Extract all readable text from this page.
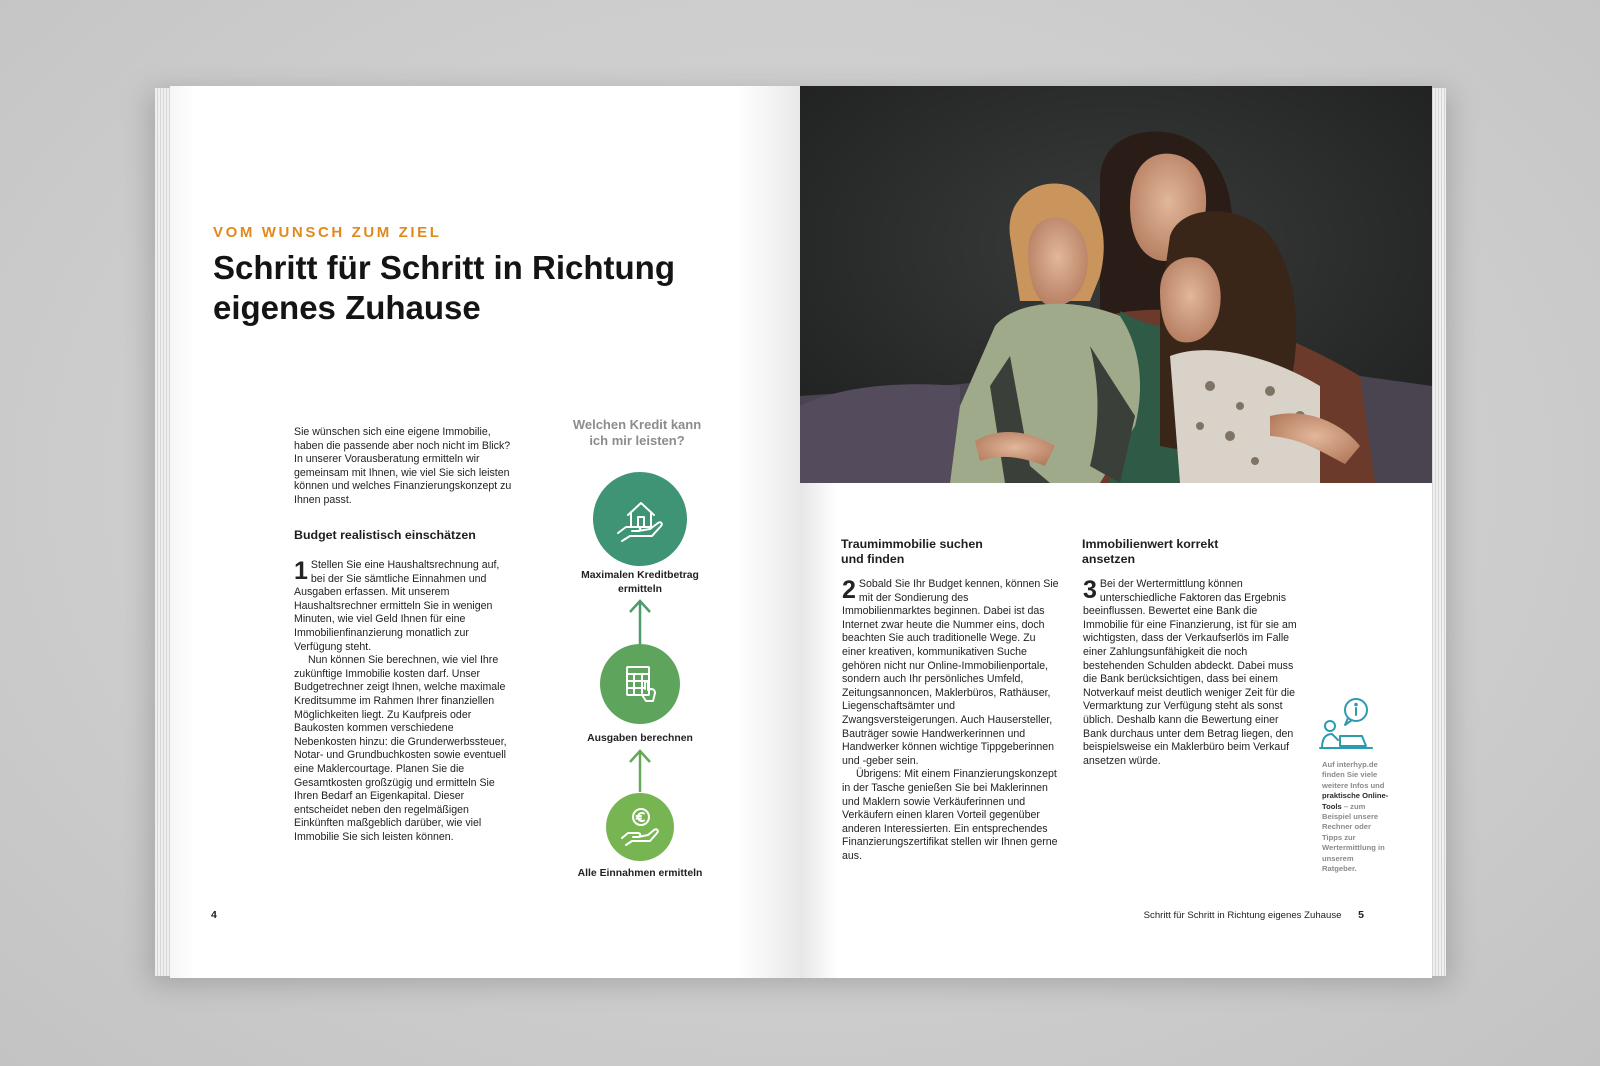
VOM WUNSCH ZUM ZIEL
Schritt für Schritt in Richtung
eigenes Zuhause

Sie wünschen sich eine eigene Immobilie, haben die passende aber noch nicht im Blick? In unserer Vorausberatung ermitteln wir gemeinsam mit Ihnen, wie viel Sie sich leisten können und welches Finanzierungskonzept zu Ihnen passt.

Budget realistisch einschätzen

1 Stellen Sie eine Haushaltsrechnung auf, bei der Sie sämtliche Einnahmen und Ausgaben erfassen. Mit unserem Haushaltsrechner ermitteln Sie in wenigen Minuten, wie viel Geld Ihnen für eine Immobilienfinanzierung monatlich zur Verfügung steht.

Nun können Sie berechnen, wie viel Ihre zukünftige Immobilie kosten darf. Unser Budgetrechner zeigt Ihnen, welche maximale Kreditsumme im Rahmen Ihrer finanziellen Möglichkeiten liegt. Zu Kaufpreis oder Baukosten kommen verschiedene Nebenkosten hinzu: die Grunderwerbssteuer, Notar- und Grundbuchkosten sowie eventuell eine Maklercourtage. Planen Sie die Gesamtkosten großzügig und ermitteln Sie Ihren Bedarf an Eigenkapital. Dieser entscheidet neben den regelmäßigen Einkünften maßgeblich darüber, wie viel Immobilie Sie sich leisten können.

Welchen Kredit kann
ich mir leisten?
Maximalen Kreditbetrag
ermitteln
Ausgaben berechnen
Alle Einnahmen ermitteln
4
Traumimmobilie suchen
und finden

2 Sobald Sie Ihr Budget kennen, können Sie mit der Sondierung des Immobilienmarktes beginnen. Dabei ist das Internet zwar heute die Nummer eins, doch beachten Sie auch traditionelle Wege. Zu einer kreativen, kommunikativen Suche gehören nicht nur Online-Immobilienportale, sondern auch Ihr persönliches Umfeld, Zeitungsannoncen, Maklerbüros, Rathäuser, Liegenschaftsämter und Zwangsversteigerungen. Auch Hausersteller, Bauträger sowie Handwerkerinnen und Handwerker können wichtige Tippgeberinnen und -geber sein.

Übrigens: Mit einem Finanzierungskonzept in der Tasche genießen Sie bei Maklerinnen und Maklern sowie Verkäuferinnen und Verkäufern einen klaren Vorteil gegenüber anderen Interessierten. Ein entsprechendes Finanzierungszertifikat stellen wir Ihnen gerne aus.

Immobilienwert korrekt
ansetzen

3 Bei der Wertermittlung können unterschiedliche Faktoren das Ergebnis beeinflussen. Bewertet eine Bank die Immobilie für eine Finanzierung, ist für sie am wichtigsten, dass der Verkaufserlös im Falle einer Zahlungsunfähigkeit die noch bestehenden Schulden abdeckt. Dabei muss die Bank berücksichtigen, dass bei einem Notverkauf meist deutlich weniger Zeit für die Vermarktung zur Verfügung steht als sonst üblich. Deshalb kann die Bewertung einer Bank durchaus unter dem Betrag liegen, den beispielsweise ein Maklerbüro beim Verkauf ansetzen würde.	Auf interhyp.de finden Sie viele weitere Infos und praktische Online-Tools – zum Beispiel unsere Rechner oder Tipps zur Wertermittlung in unserem Ratgeber.
Schritt für Schritt in Richtung eigenes Zuhause 5
